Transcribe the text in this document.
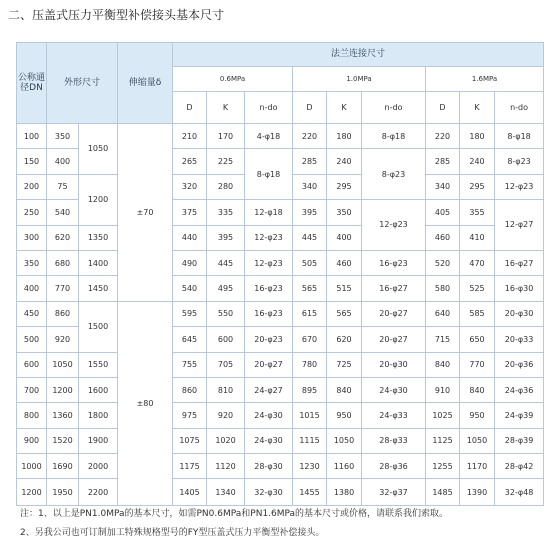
二、压盖式压力平衡型补偿接头基本尺寸
公称通径DN	外形尺寸		伸缩量δ	法兰连接尺寸								
				0.6MPa			1.0MPa			1.6MPa		
				D	K	n-do	D	K	n-do	D	K	n-do
100	350	1050	±70	210	170	4-φ18	220	180	8-φ18	220	180	8-φ18
150	400			265	225	8-φ18	285	240	8-φ23	285	240	8-φ23
200	75	1200		320	280		340	295		340	295	12-φ23
250	540			375	335	12-φ18	395	350	12-φ23	405	355	12-φ27
300	620	1350		440	395	12-φ23	445	400		460	410	
350	680	1400		490	445	12-φ23	505	460	16-φ23	520	470	16-φ27
400	770	1450		540	495	16-φ23	565	515	16-φ27	580	525	16-φ30
450	860	1500	±80	595	550	16-φ23	615	565	20-φ27	640	585	20-φ30
500	920			645	600	20-φ23	670	620	20-φ27	715	650	20-φ33
600	1050	1550		755	705	20-φ27	780	725	20-φ30	840	770	20-φ36
700	1200	1600		860	810	24-φ27	895	840	24-φ30	910	840	24-φ36
800	1360	1800		975	920	24-φ30	1015	950	24-φ33	1025	950	24-φ39
900	1520	1900		1075	1020	24-φ30	1115	1050	28-φ33	1125	1050	28-φ39
1000	1690	2000		1175	1120	28-φ30	1230	1160	28-φ36	1255	1170	28-φ42
1200	1950	2200		1405	1340	32-φ30	1455	1380	32-φ37	1485	1390	32-φ48
注：1、以上是PN1.0MPa的基本尺寸，如需PN0.6MPa和PN1.6MPa的基本尺寸或价格，请联系我们索取。
2、另我公司也可订制加工特殊规格型号的FY型压盖式压力平衡型补偿接头。
